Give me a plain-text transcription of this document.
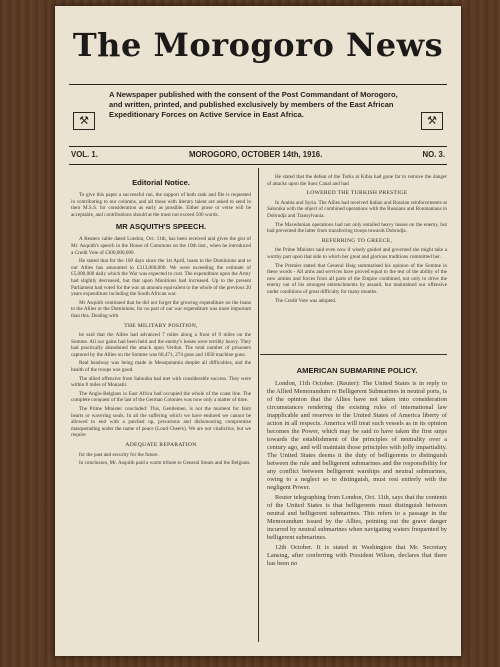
The Morogoro News
⚒
A Newspaper published with the consent of the Post Commandant of Morogoro, and written, printed, and published exclusively by members of the East African Expeditionary Forces on Active Service in East Africa.	⚒
VOL. 1.	MOROGORO, OCTOBER 14th, 1916.	NO. 3.
Editorial Notice.

To give this paper a successful run, the support of both rank and file is requested in contributing to our columns, and all those with literary talent are asked to send in their M.S.S. for consideration as early as possible. Either prose or verse will be acceptable, and contributions should at the most not exceed 500 words.

MR ASQUITH'S SPEECH.

A Reuters cable dated London, Oct. 11th, has been received and gives the gist of Mr. Asquith's speech in the House of Commons on the 10th inst., when he introduced a Credit Vote of £300,000,000.

He stated that for the 100 days since the 1st April, loans to the Dominions and to our Allies has amounted to £313,000,000. We were exceeding the estimate of £5,000,000 daily which the War was expected to cost. The expenditure upon the Army had slightly decreased, but that upon Munitions had increased. Up to the present Parliament had voted for the war an amount equivalent to the whole of the previous 20 years expenditure including the South African war.

Mr Asquith continued that he did not forget the growing expenditure on the loans to the Allies or the Dominions, for no part of our war expenditure was more important than this. Dealing with

THE MILITARY POSITION,

he said that the Allies had advanced 7 miles along a front of 9 miles on the Somme. All our gains had been held and the enemy's losses were terribly heavy. They had practically abandoned the attack upon Verdun. The total number of prisoners captured by the Allies on the Somme was 60,471, 274 guns and 1050 machine guns.

Real headway was being made in Mesopotamia despite all difficulties, and the health of the troops was good.

The allied offensive from Salonika had met with considerable success. They were within 8 miles of Monastir.

The Anglo-Belgians in East Africa had occupied the whole of the coast line. The complete conquest of the last of the German Colonies was now only a matter of time.

The Prime Minister concluded: This, Gentlemen, is not the moment for faint hearts or wavering souls. In all the suffering which we have endured we cannot be allowed to end with a patched up, precarious and dishonouring compromise masquerading under the name of peace (Loud Cheers). We are not vindictive, but we require

ADEQUATE REPARATION

for the past and security for the future.

In conclusion, Mr. Asquith paid a warm tribute to General Smuts and the Belgians.

He stated that the defeat of the Turks at Kibia had gone far to remove the danger of attacks upon the Suez Canal and had

LOWERED THE TURKISH PRESTIGE

In Arabia and Syria. The Allies had received Italian and Russian reinforcements at Salonika with the object of combined operations with the Russians and Roumanians in Dobrudja and Transylvania.

The Macedonian operations had not only entailed heavy losses on the enemy, but had prevented the latter from transferring troops towards Dobrudja.

REFERRING TO GREECE,

the Prime Minister said even now if wisely guided and governed she might take a worthy part upon that side to which her great and glorious traditions committed her.

The Premier stated that General Haig summarised his opinion of the Somme in these words - All arms and services have proved equal to the test of the ability of the new armies and forces from all parts of the Empire combined, not only to drive the enemy out of his strongest entrenchments by assault, but maintained our offensive under conditions of great difficulty for many months.

The Credit Vote was adopted.

AMERICAN SUBMARINE POLICY.

London, 11th October. (Reuter): The United States is in reply to the Allied Memorandum re Belligerent Submarines in neutral ports, is of the opinion that the Allies have not taken into consideration circumstances rendering the existing rules of international law inapplicable and reserves to the United States of America liberty of action in all respects. America will treat such vessels as in its opinion becomes the Power, which may be said to have taken the first steps towards the establishment of the principles of neutrality over a century ago, and will maintain those principles with jolly impartiality. The United States deems it the duty of belligerents to distinguish between the rule and belligerent submarines and the responsibility for any conflict between belligerent warships and neutral submarines, owing to a neglect so to distinguish, must rest entirely with the negligent Power.

Reuter telegraphing from London, Oct. 11th, says that the contents of the United States is that belligerents must distinguish between neutral and belligerent submarines. This refers to a passage in the Memorandum issued by the Allies, pointing out the grave danger incurred by neutral submarines when navigating waters frequented by belligerent submarines.

12th October. It is stated in Washington that Mr. Secretary Lansing, after conferring with President Wilson, declares that there has been no
